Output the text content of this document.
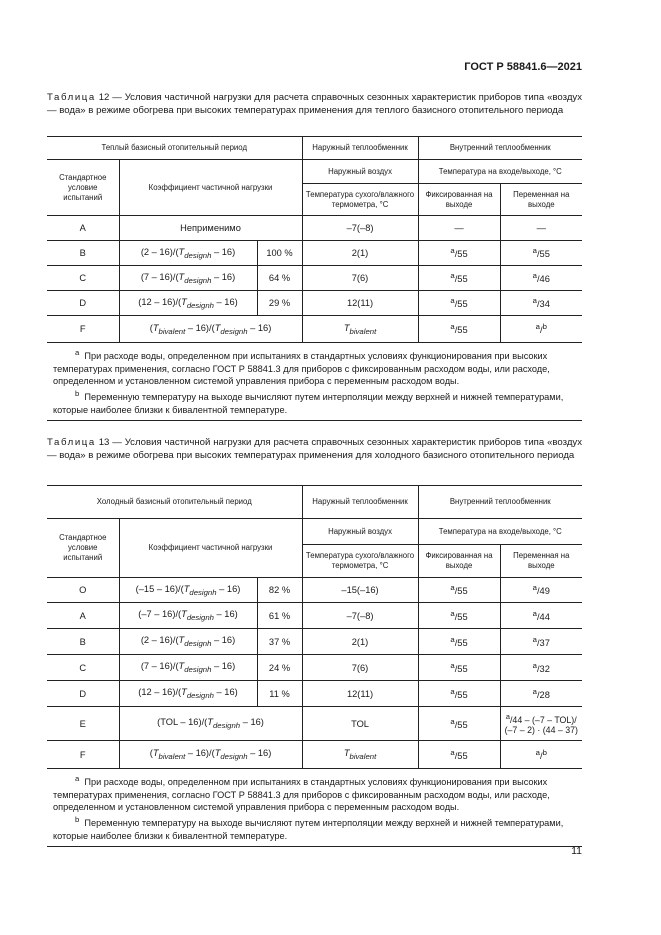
ГОСТ Р 58841.6—2021
Таблица 12 — Условия частичной нагрузки для расчета справочных сезонных характеристик приборов типа «воздух — вода» в режиме обогрева при высоких температурах применения для теплого базисного отопительного периода
Теплый базисный отопительный период			Наружный теплообменник	Внутренний теплообменник	
Стандартное условие испытаний	Коэффициент частичной нагрузки		Наружный воздух	Температура на входе/выходе, °C	
			Температура сухого/влажного термометра, °C	Фиксированная на выходе	Переменная на выходе
A	Неприменимо		–7(–8)	—	—
B	$(2 - 16)/(T_{designh} - 16)$	100 %	2(1)	$^a$/55	$^a$/55
C	$(7 - 16)/(T_{designh} - 16)$	64 %	7(6)	$^a$/55	$^a$/46
D	$(12 - 16)/(T_{designh} - 16)$	29 %	12(11)	$^a$/55	$^a$/34
F	$(T_{bivalent} - 16)/(T_{designh} - 16)$		$T_{bivalent}$	$^a$/55	$^a$/$^b$

$^a$ При расходе воды, определенном при испытаниях в стандартных условиях функционирования при высоких температурах применения, согласно ГОСТ Р 58841.3 для приборов с фиксированным расходом воды, или расходе, определенном и установленном системой управления прибора с переменным расходом воды.
$^b$ Переменную температуру на выходе вычисляют путем интерполяции между верхней и нижней температурами, которые наиболее близки к бивалентной температуре.					
Таблица 13 — Условия частичной нагрузки для расчета справочных сезонных характеристик приборов типа «воздух — вода» в режиме обогрева при высоких температурах применения для холодного базисного отопительного периода
Холодный базисный отопительный период			Наружный теплообменник	Внутренний теплообменник	
Стандартное условие испытаний	Коэффициент частичной нагрузки		Наружный воздух	Температура на входе/выходе, °C	
			Температура сухого/влажного термометра, °C	Фиксированная на выходе	Переменная на выходе
O	$(-15 - 16)/(T_{designh} - 16)$	82 %	–15(–16)	$^a$/55	$^a$/49
A	$(-7 - 16)/(T_{designh} - 16)$	61 %	–7(–8)	$^a$/55	$^a$/44
B	$(2 - 16)/(T_{designh} - 16)$	37 %	2(1)	$^a$/55	$^a$/37
C	$(7 - 16)/(T_{designh} - 16)$	24 %	7(6)	$^a$/55	$^a$/32
D	$(12 - 16)/(T_{designh} - 16)$	11 %	12(11)	$^a$/55	$^a$/28
E	$(TOL - 16)/(T_{designh} - 16)$		TOL	$^a$/55	$^a$/44 – (–7 – TOL)/
(–7 – 2) · (44 – 37)

F	$(T_{bivalent} - 16)/(T_{designh} - 16)$		$T_{bivalent}$	$^a$/55	$^a$/$^b$

$^a$ При расходе воды, определенном при испытаниях в стандартных условиях функционирования при высоких температурах применения, согласно ГОСТ Р 58841.3 для приборов с фиксированным расходом воды, или расходе, определенном и установленном системой управления прибора с переменным расходом воды.
$^b$ Переменную температуру на выходе вычисляют путем интерполяции между верхней и нижней температурами, которые наиболее близки к бивалентной температуре.					
11
